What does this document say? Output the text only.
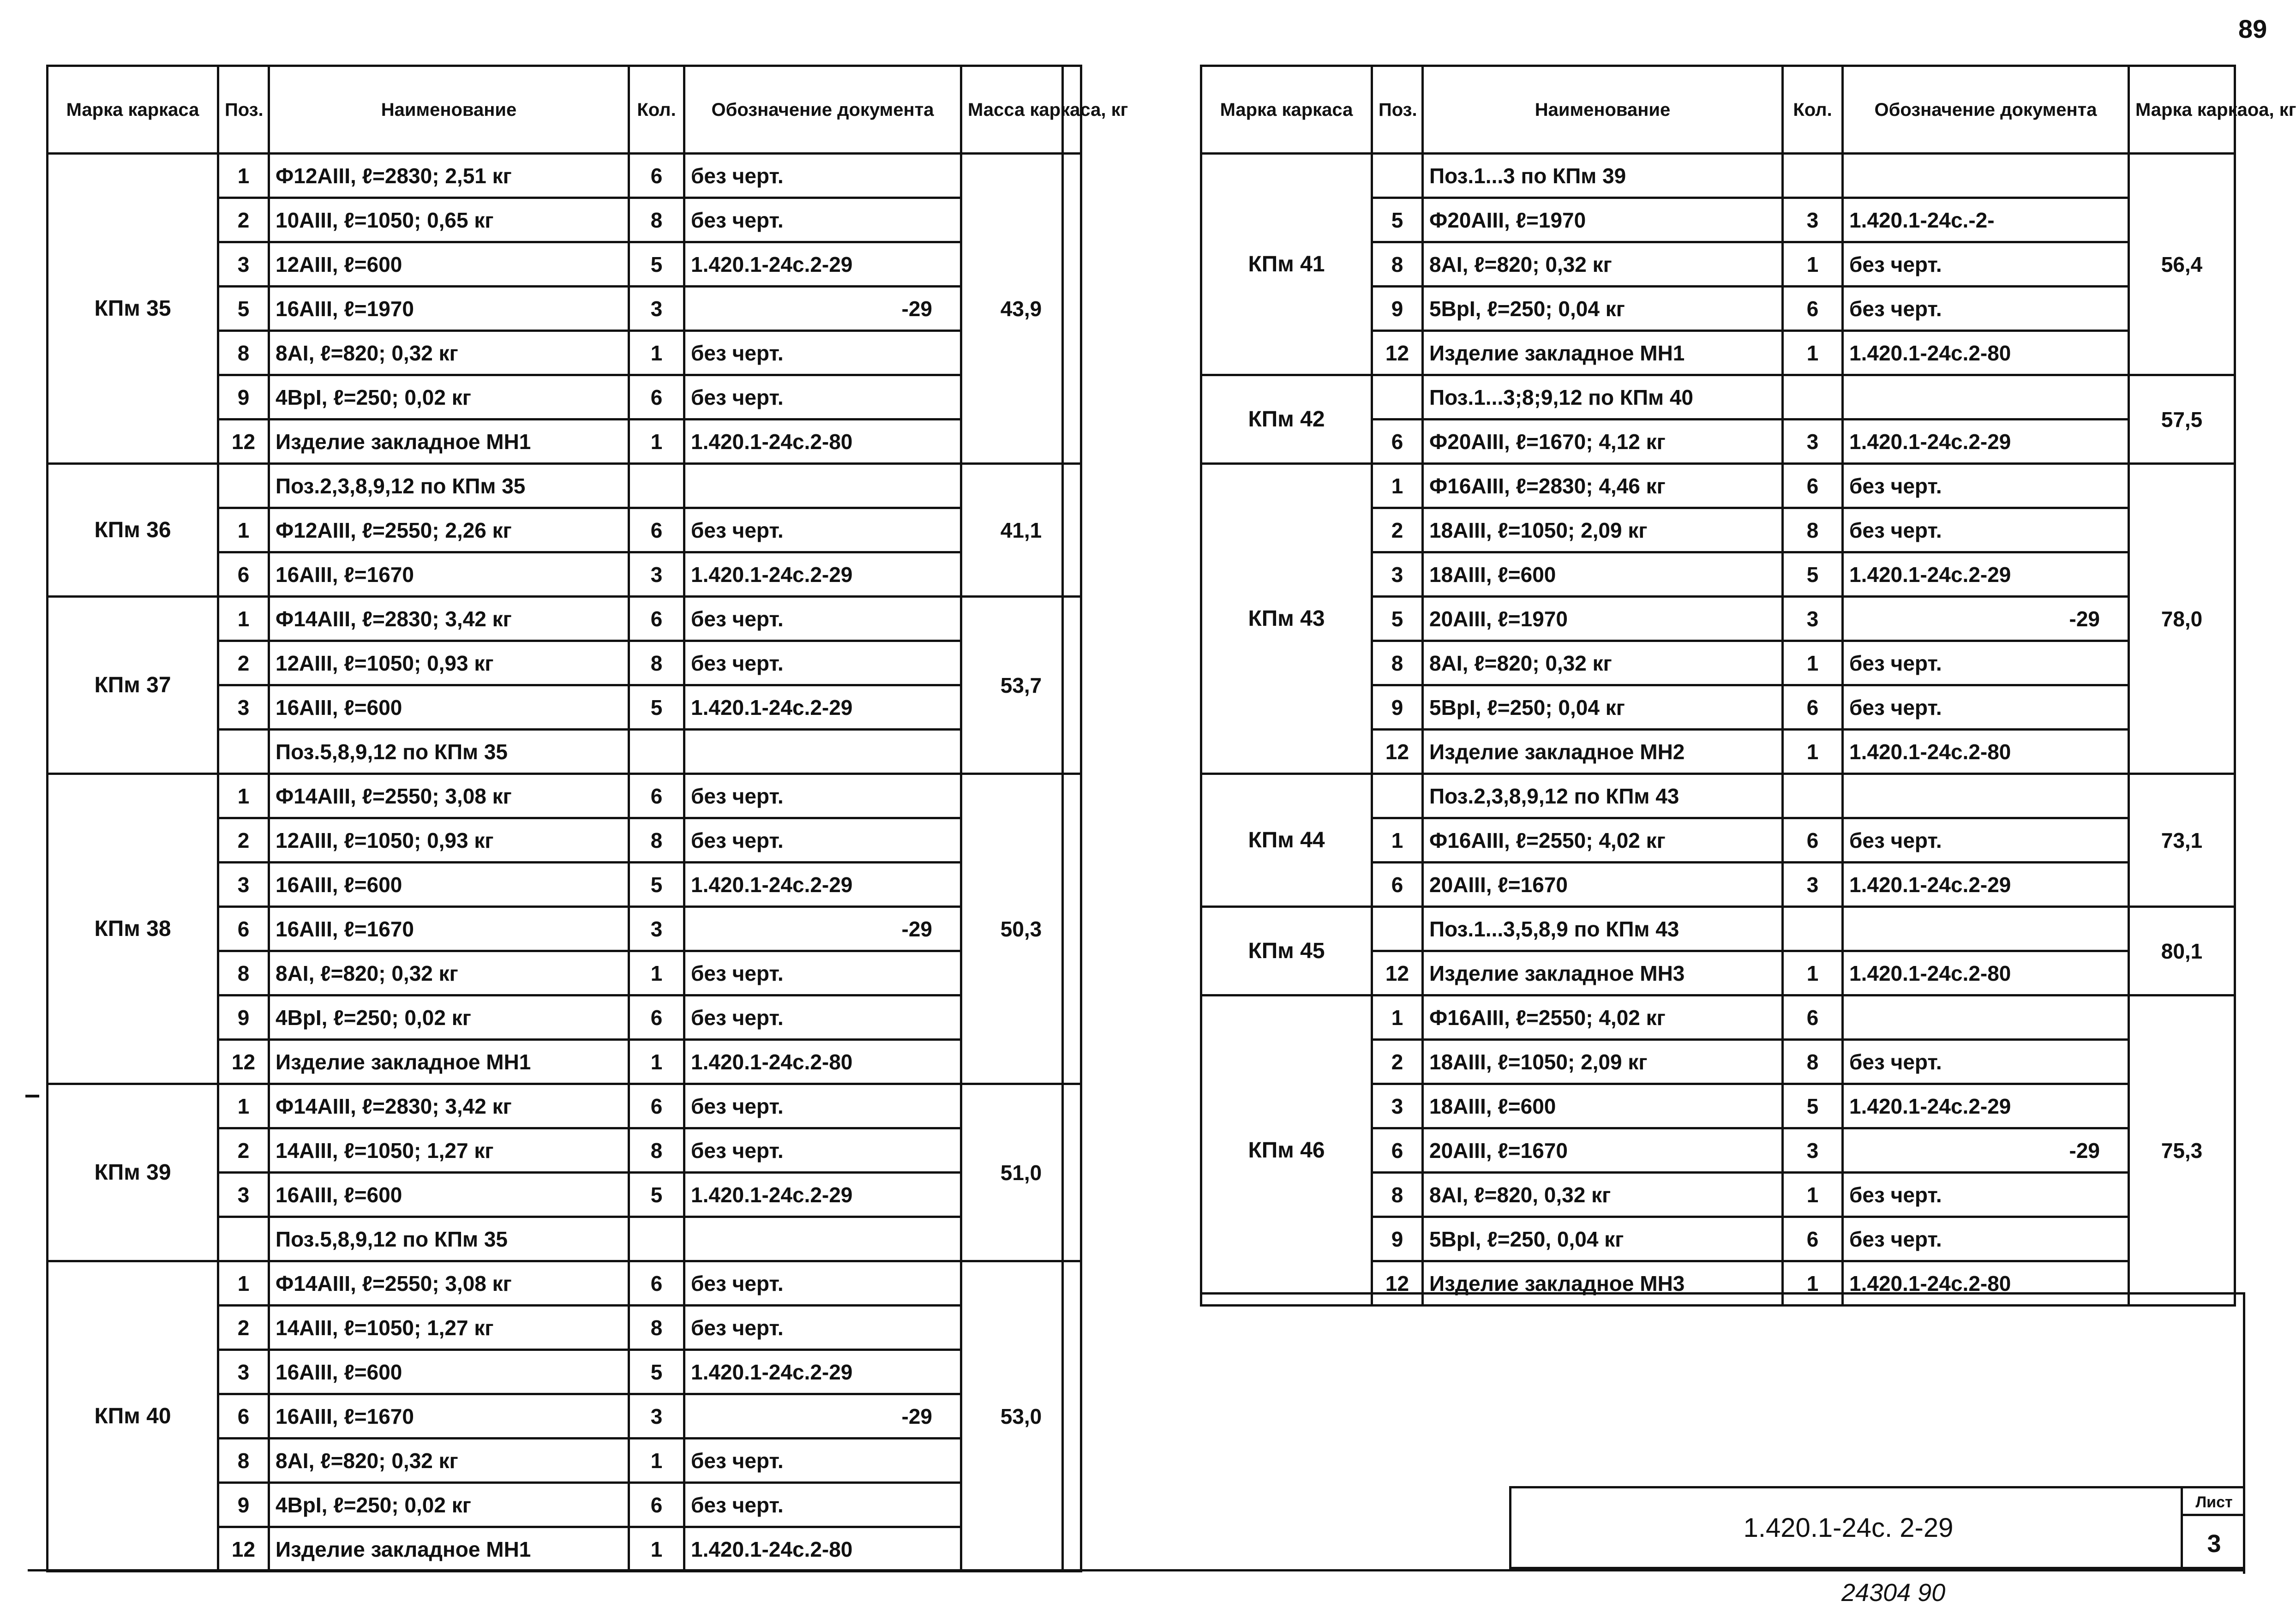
89
Марка каркаса	Поз.	Наименование	Кол.	Обозначение документа	Масса каркаса, кг
КПм 35	1	Ф12АIII, ℓ=2830; 2,51 кг	6	без черт.	43,9
	2	10АIII, ℓ=1050; 0,65 кг	8	без черт.	
	3	12АIII, ℓ=600	5	1.420.1-24с.2-29	
	5	16АIII, ℓ=1970	3	-29	
	8	8АI, ℓ=820; 0,32 кг	1	без черт.	
	9	4ВрI, ℓ=250; 0,02 кг	6	без черт.	
	12	Изделие закладное МН1	1	1.420.1-24с.2-80	
КПм 36		Поз.2,3,8,9,12 по КПм 35			41,1
	1	Ф12АIII, ℓ=2550; 2,26 кг	6	без черт.	
	6	16АIII, ℓ=1670	3	1.420.1-24с.2-29	
КПм 37	1	Ф14АIII, ℓ=2830; 3,42 кг	6	без черт.	53,7
	2	12АIII, ℓ=1050; 0,93 кг	8	без черт.	
	3	16АIII, ℓ=600	5	1.420.1-24с.2-29	
		Поз.5,8,9,12 по КПм 35			
КПм 38	1	Ф14АIII, ℓ=2550; 3,08 кг	6	без черт.	50,3
	2	12АIII, ℓ=1050; 0,93 кг	8	без черт.	
	3	16АIII, ℓ=600	5	1.420.1-24с.2-29	
	6	16АIII, ℓ=1670	3	-29	
	8	8АI, ℓ=820; 0,32 кг	1	без черт.	
	9	4ВрI, ℓ=250; 0,02 кг	6	без черт.	
	12	Изделие закладное МН1	1	1.420.1-24с.2-80	
КПм 39	1	Ф14АIII, ℓ=2830; 3,42 кг	6	без черт.	51,0
	2	14АIII, ℓ=1050; 1,27 кг	8	без черт.	
	3	16АIII, ℓ=600	5	1.420.1-24с.2-29	
		Поз.5,8,9,12 по КПм 35			
КПм 40	1	Ф14АIII, ℓ=2550; 3,08 кг	6	без черт.	53,0
	2	14АIII, ℓ=1050; 1,27 кг	8	без черт.	
	3	16АIII, ℓ=600	5	1.420.1-24с.2-29	
	6	16АIII, ℓ=1670	3	-29	
	8	8АI, ℓ=820; 0,32 кг	1	без черт.	
	9	4ВрI, ℓ=250; 0,02 кг	6	без черт.	
	12	Изделие закладное МН1	1	1.420.1-24с.2-80	
Марка каркаса	Поз.	Наименование	Кол.	Обозначение документа	Марка каркаоа, кг
КПм 41		Поз.1...3 по КПм 39			56,4
	5	Ф20АIII, ℓ=1970	3	1.420.1-24с.-2-	
	8	8АI, ℓ=820; 0,32 кг	1	без черт.	
	9	5ВрI, ℓ=250; 0,04 кг	6	без черт.	
	12	Изделие закладное МН1	1	1.420.1-24с.2-80	
КПм 42		Поз.1...3;8;9,12 по КПм 40			57,5
	6	Ф20АIII, ℓ=1670; 4,12 кг	3	1.420.1-24с.2-29	
КПм 43	1	Ф16АIII, ℓ=2830; 4,46 кг	6	без черт.	78,0
	2	18АIII, ℓ=1050; 2,09 кг	8	без черт.	
	3	18АIII, ℓ=600	5	1.420.1-24с.2-29	
	5	20АIII, ℓ=1970	3	-29	
	8	8АI, ℓ=820; 0,32 кг	1	без черт.	
	9	5ВрI, ℓ=250; 0,04 кг	6	без черт.	
	12	Изделие закладное МН2	1	1.420.1-24с.2-80	
КПм 44		Поз.2,3,8,9,12 по КПм 43			73,1
	1	Ф16АIII, ℓ=2550; 4,02 кг	6	без черт.	
	6	20АIII, ℓ=1670	3	1.420.1-24с.2-29	
КПм 45		Поз.1...3,5,8,9 по КПм 43			80,1
	12	Изделие закладное МН3	1	1.420.1-24с.2-80	
КПм 46	1	Ф16АIII, ℓ=2550; 4,02 кг	6		75,3
	2	18АIII, ℓ=1050; 2,09 кг	8	без черт.	
	3	18АIII, ℓ=600	5	1.420.1-24с.2-29	
	6	20АIII, ℓ=1670	3	-29	
	8	8АI, ℓ=820, 0,32 кг	1	без черт.	
	9	5ВрI, ℓ=250, 0,04 кг	6	без черт.	
	12	Изделие закладное МН3	1	1.420.1-24с.2-80	
1.420.1-24с. 2-29
Лист
3
24304 90
